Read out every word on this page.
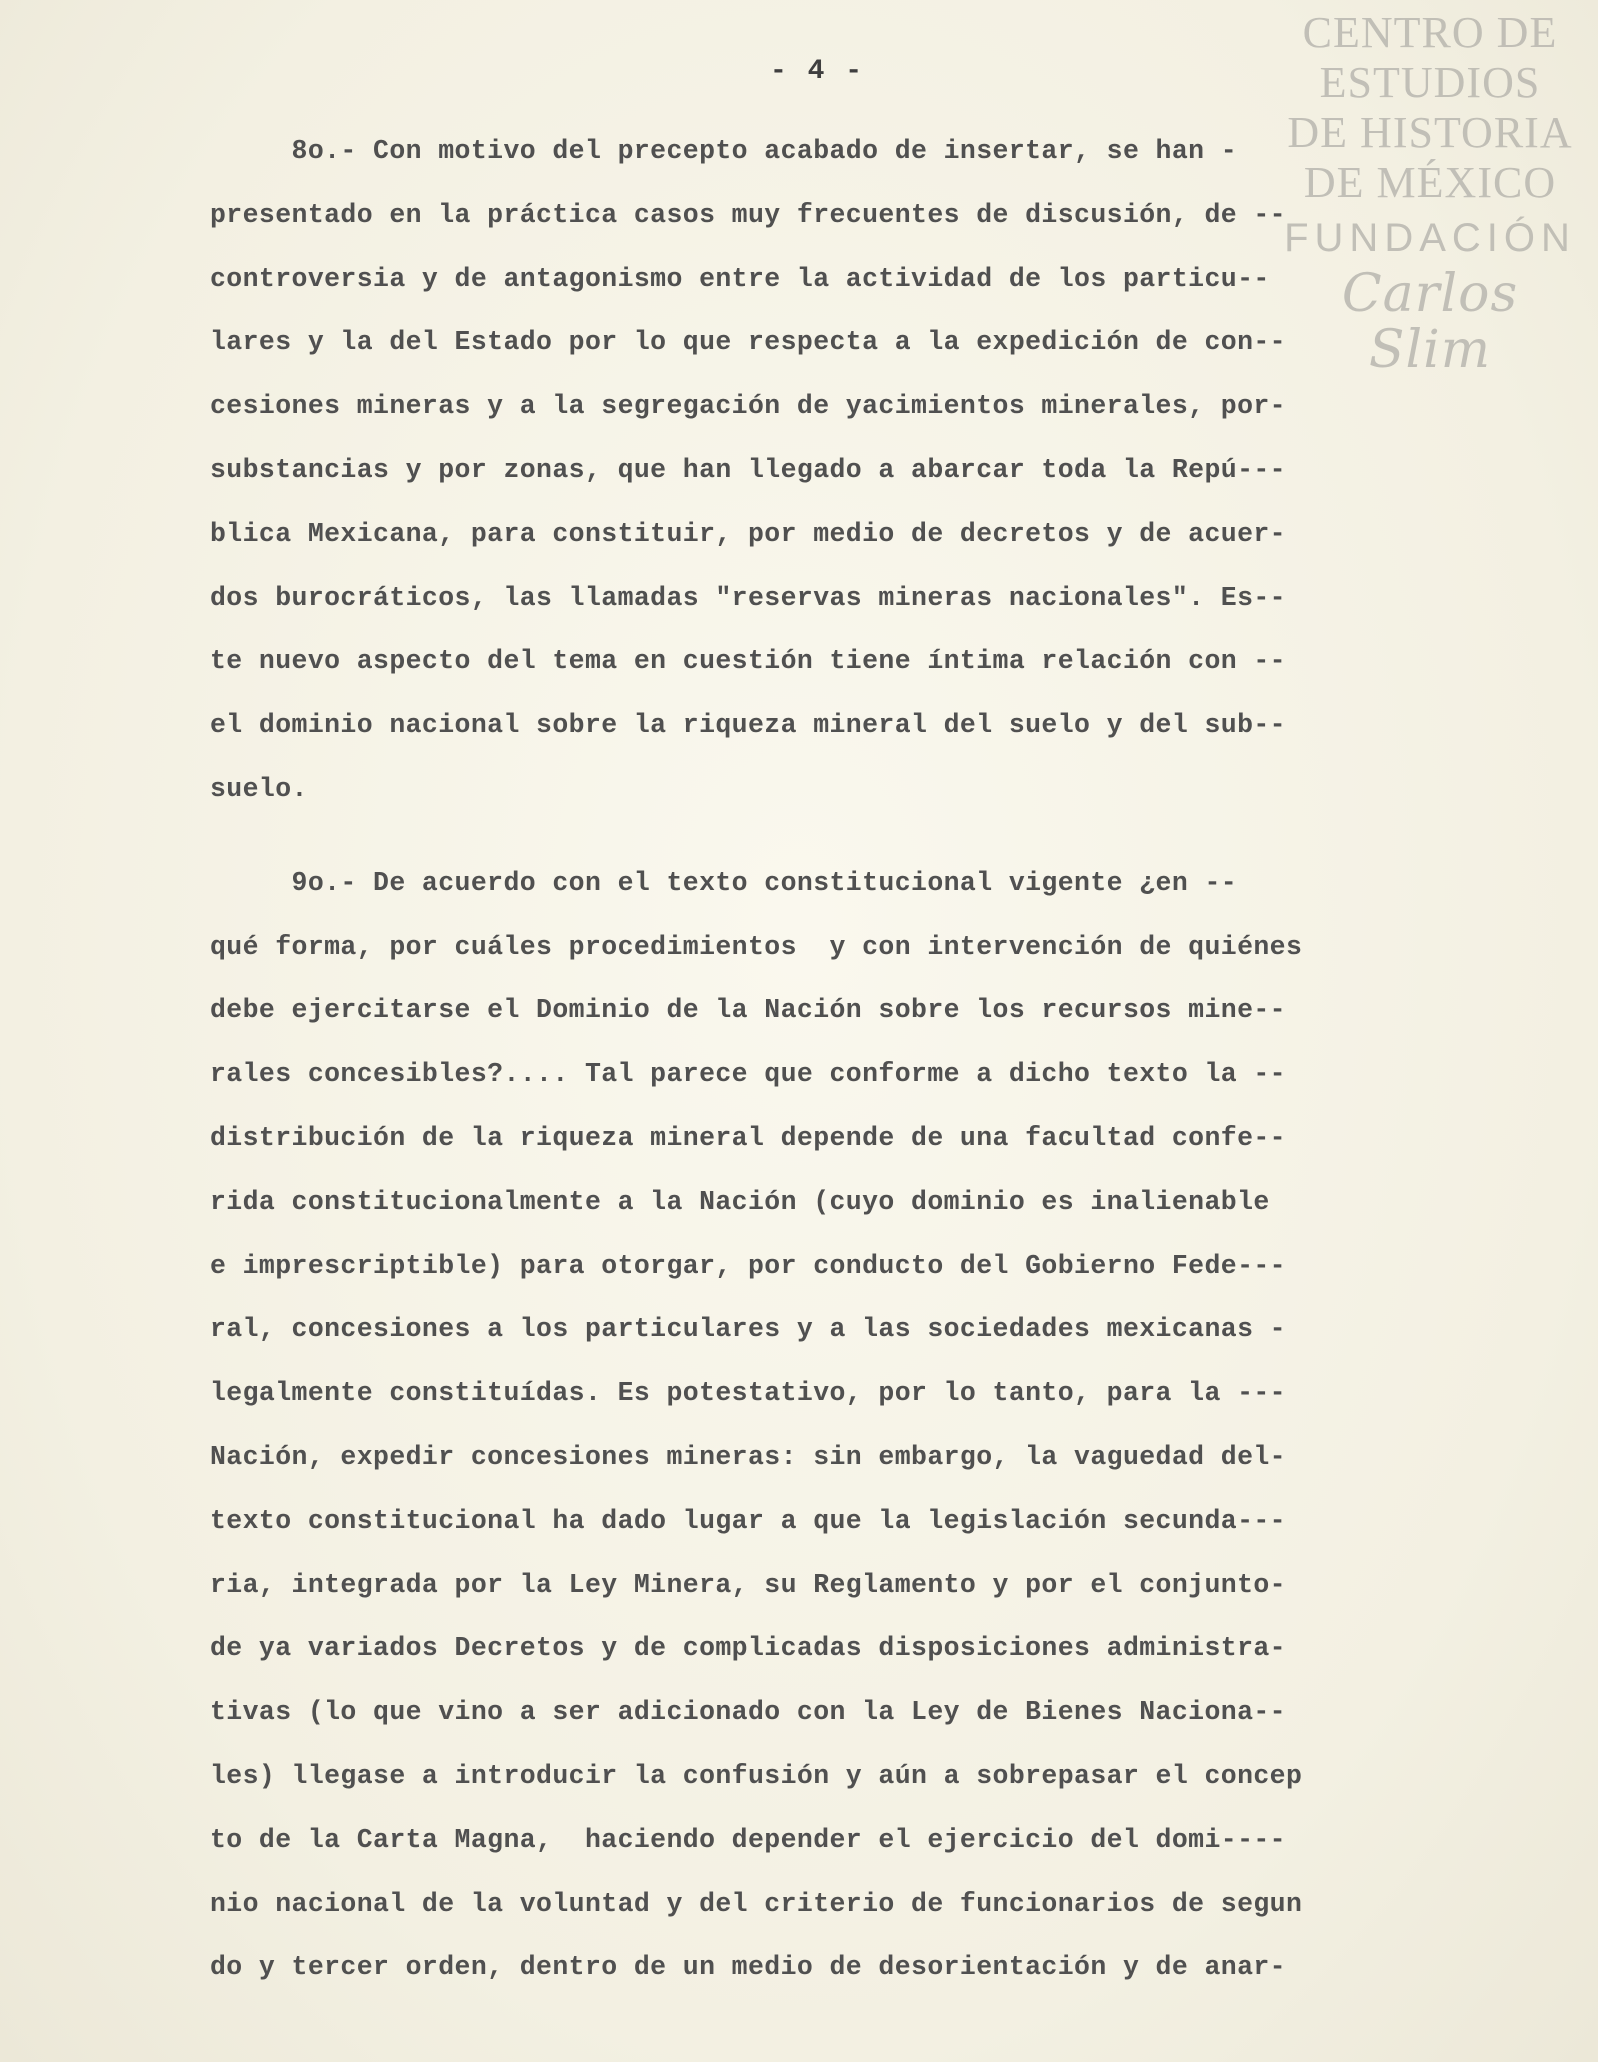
CENTRO DE
ESTUDIOS
DE HISTORIA
DE MÉXICO
FUNDACIÓN
Carlos Slim
- 4 -
8o.- Con motivo del precepto acabado de insertar, se han -
presentado en la práctica casos muy frecuentes de discusión, de --
controversia y de antagonismo entre la actividad de los particu--
lares y la del Estado por lo que respecta a la expedición de con--
cesiones mineras y a la segregación de yacimientos minerales, por-
substancias y por zonas, que han llegado a abarcar toda la Repú---
blica Mexicana, para constituir, por medio de decretos y de acuer-
dos burocráticos, las llamadas "reservas mineras nacionales". Es--
te nuevo aspecto del tema en cuestión tiene íntima relación con --
el dominio nacional sobre la riqueza mineral del suelo y del sub--
suelo.
9o.- De acuerdo con el texto constitucional vigente ¿en --
qué forma, por cuáles procedimientos  y con intervención de quiénes
debe ejercitarse el Dominio de la Nación sobre los recursos mine--
rales concesibles?.... Tal parece que conforme a dicho texto la --
distribución de la riqueza mineral depende de una facultad confe--
rida constitucionalmente a la Nación (cuyo dominio es inalienable
e imprescriptible) para otorgar, por conducto del Gobierno Fede---
ral, concesiones a los particulares y a las sociedades mexicanas -
legalmente constituídas. Es potestativo, por lo tanto, para la ---
Nación, expedir concesiones mineras: sin embargo, la vaguedad del-
texto constitucional ha dado lugar a que la legislación secunda---
ria, integrada por la Ley Minera, su Reglamento y por el conjunto-
de ya variados Decretos y de complicadas disposiciones administra-
tivas (lo que vino a ser adicionado con la Ley de Bienes Naciona--
les) llegase a introducir la confusión y aún a sobrepasar el concep
to de la Carta Magna,  haciendo depender el ejercicio del domi----
nio nacional de la voluntad y del criterio de funcionarios de segun
do y tercer orden, dentro de un medio de desorientación y de anar-
